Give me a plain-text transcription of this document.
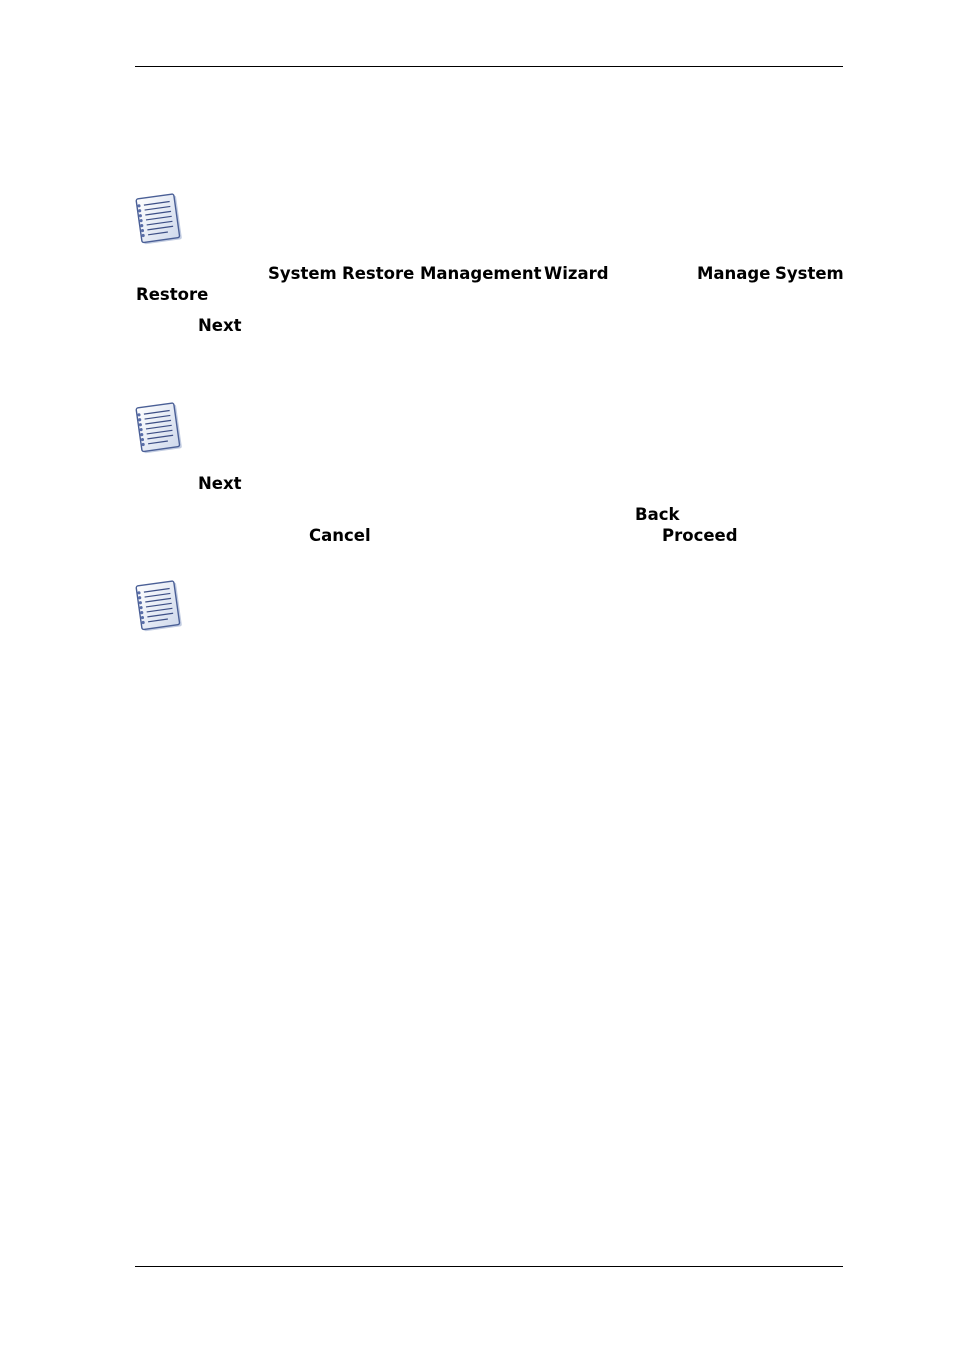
System Restore Management Wizard	Manage System
Restore
Next
Next
Back
Cancel	Proceed
